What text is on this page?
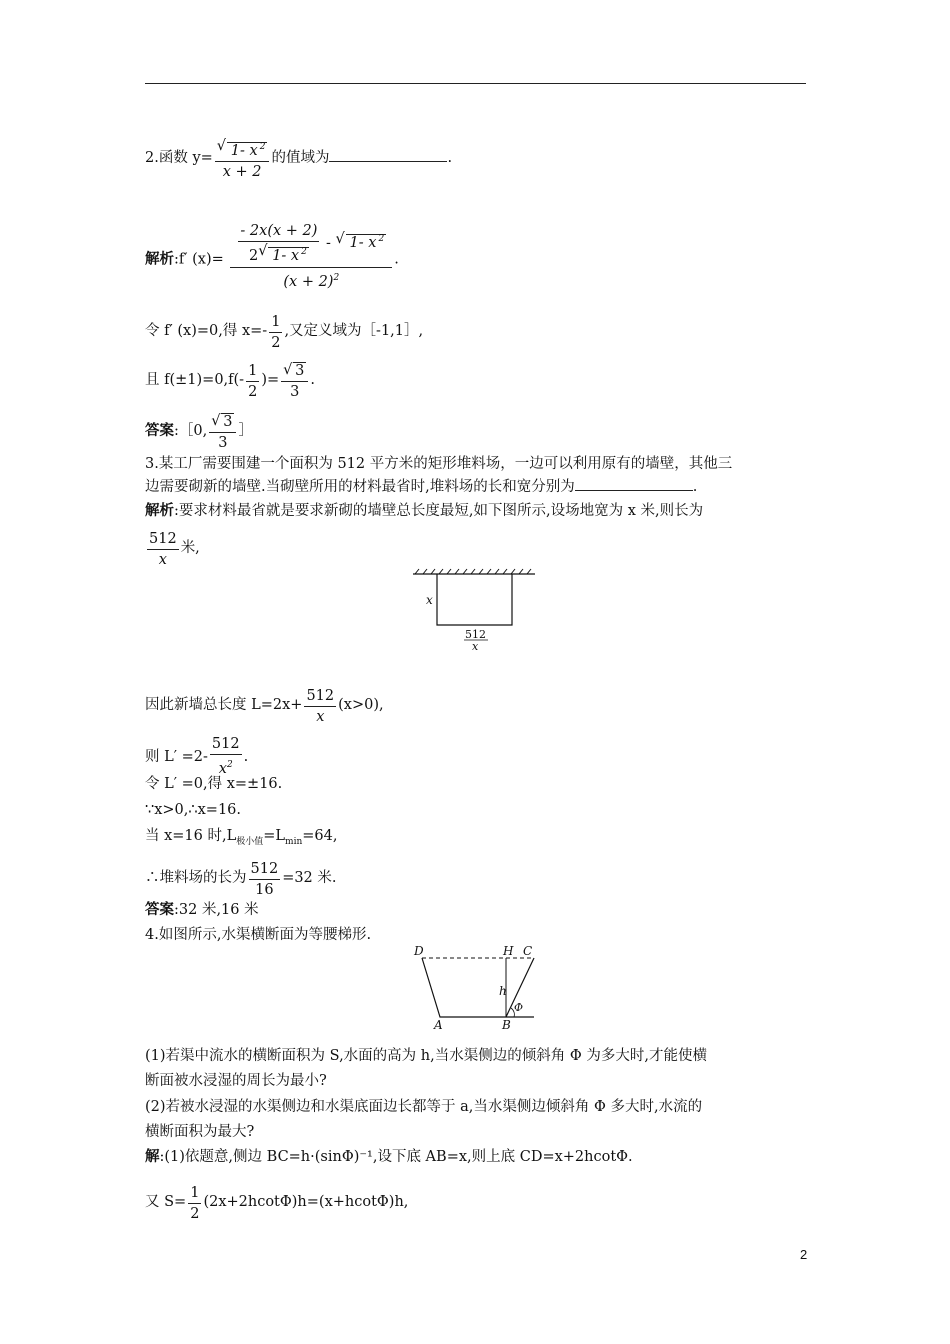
2.函数 y= √ $\frac{1- x ^2}{x + 2}$ 的值域为	.
解析:f′ $(x)= \frac{\frac{- 2x(x + 2)}{2 √ 1- x ^2} - √ 1- x ^2}{(x + 2)^2}$ .
令 f′ (x)=0,得 $x=- \frac{1}{2}$ ,又定义域为［-1,1］,
且 $f(\pm 1)=0,f(- \frac{1}{2}$ )= √ $\frac{3}{3}$ .
答案:［0, √ $\frac{3}{3}$ ］
3.某工厂需要围建一个面积为 512 平方米的矩形堆料场，一边可以利用原有的墙壁，其他三
边需要砌新的墙壁.当砌壁所用的材料最省时,堆料场的长和宽分别为	.
解析:要求材料最省就是要求新砌的墙壁总长度最短,如下图所示,设场地宽为 x 米,则长为
$\frac{512}{x}$ 米,
x
512
x
因此新墙总长度 $L=2x+ \frac{512}{x} (x>0)$,
则 $L' =2- \frac{512}{x^2}$ .
令 L′ =0,得 x=±16.
∵x>0,∴x=16.
当 x=16 时$,L_{极小值}=L_{min}=64$,
∴堆料场的长为 $\frac{512}{16} =32$ 米.
答案:32 米,16 米
4.如图所示,水渠横断面为等腰梯形.
D	H C
h
Φ
A	B
(1)若渠中流水的横断面积为 S,水面的高为 h,当水渠侧边的倾斜角 Φ 为多大时,才能使横
断面被水浸湿的周长为最小?
(2)若被水浸湿的水渠侧边和水渠底面边长都等于 a,当水渠侧边倾斜角 Φ 多大时,水流的
横断面积为最大?
解:(1)依题意,侧边 BC=h·(sinΦ)⁻¹,设下底 AB=x,则上底 CD=x+2hcotΦ.
又 $S= \frac{1}{2} (2x+2hcot\Phi)h=(x+hcot\Phi)h$,
2
